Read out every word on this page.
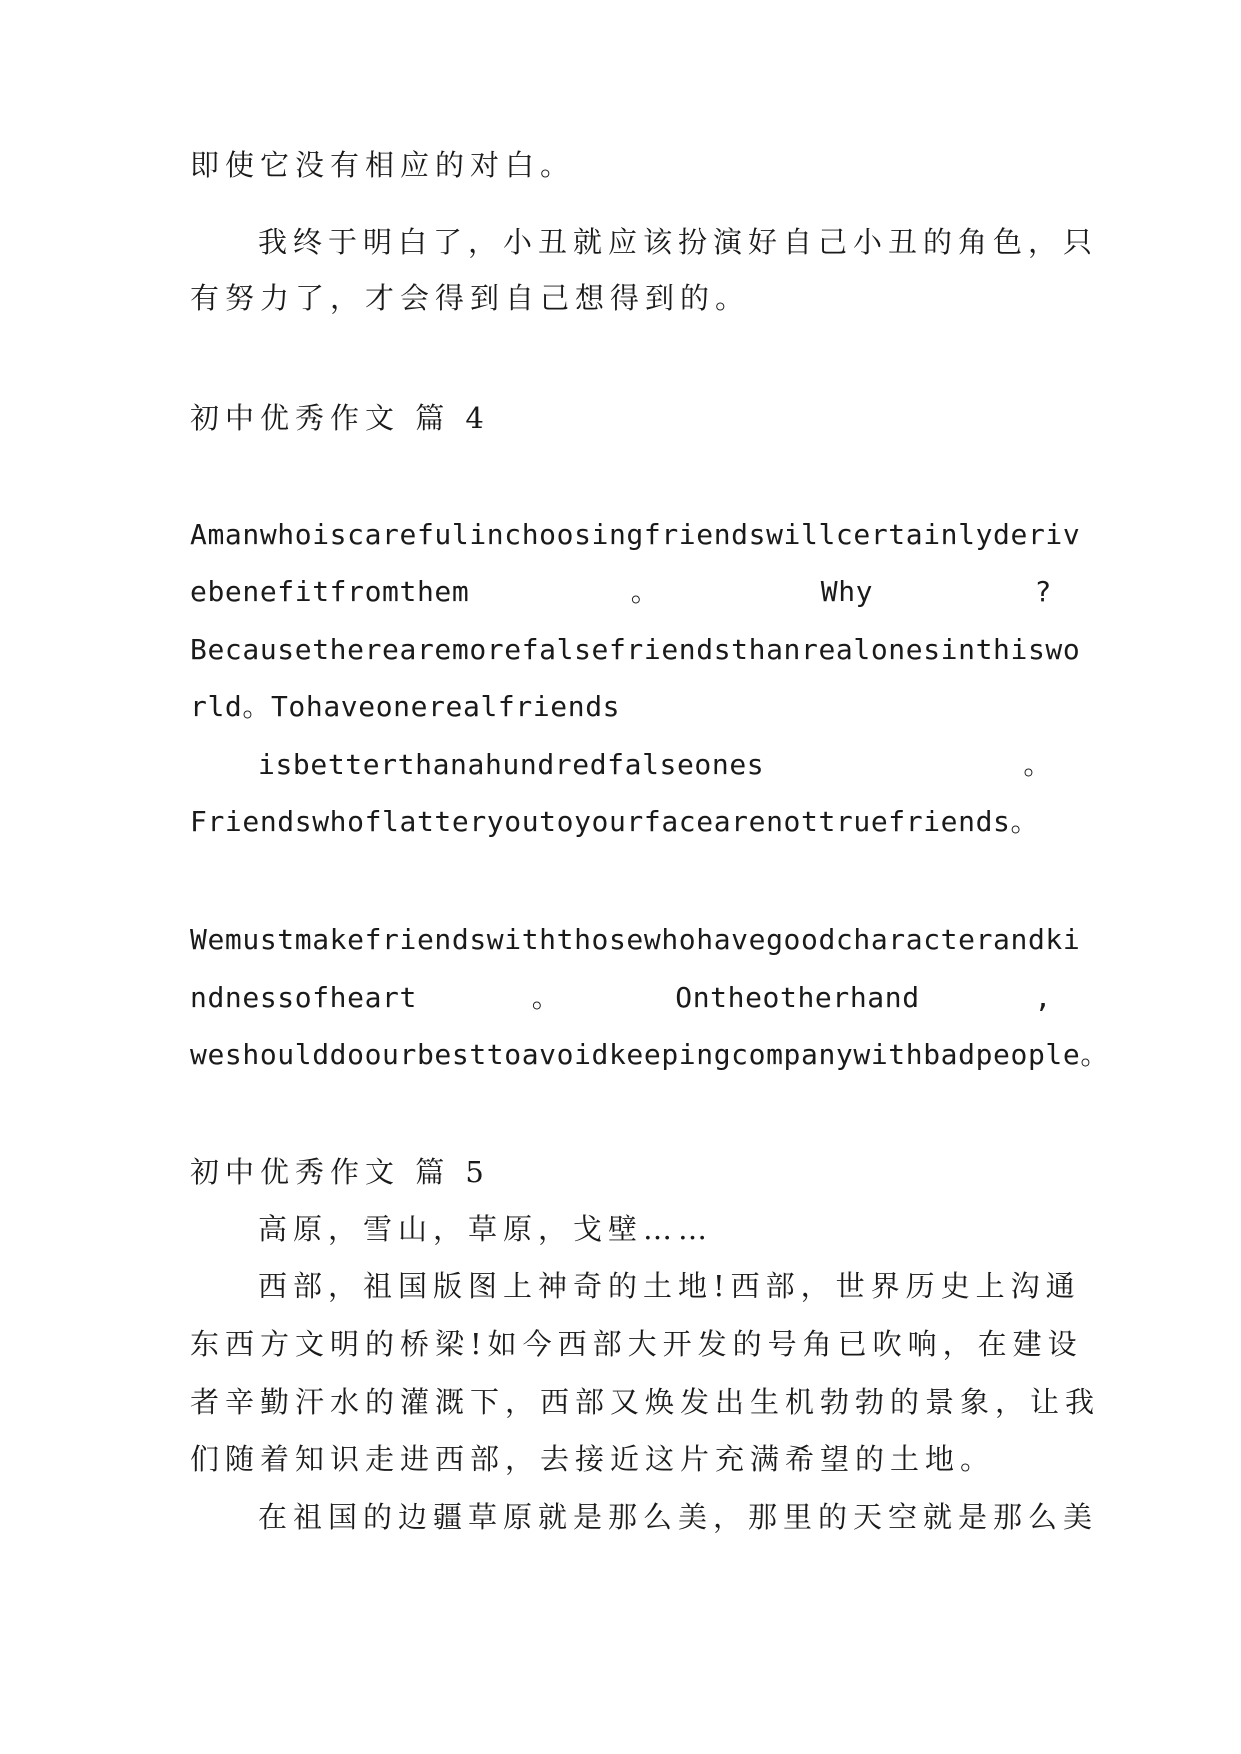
即使它没有相应的对白。
我终于明白了，小丑就应该扮演好自己小丑的角色，只
有努力了，才会得到自己想得到的。
初中优秀作文 篇 4
Amanwhoiscarefulinchoosingfriendswillcertainlyderiv
ebenefitfromthem	。	Why	?
Becausetherearemorefalsefriendsthanrealonesinthiswo
rld。Tohaveonerealfriends
isbetterthanahundredfalseones	。
Friendswhoflatteryoutoyourfacearenottruefriends。
Wemustmakefriendswiththosewhohavegoodcharacterandki
ndnessofheart	。	Ontheotherhand	,
weshoulddoourbesttoavoidkeepingcompanywithbadpeople。
初中优秀作文 篇 5
高原，雪山，草原，戈壁……
西部，祖国版图上神奇的土地!西部，世界历史上沟通
东西方文明的桥梁!如今西部大开发的号角已吹响，在建设
者辛勤汗水的灌溉下，西部又焕发出生机勃勃的景象，让我
们随着知识走进西部，去接近这片充满希望的土地。
在祖国的边疆草原就是那么美，那里的天空就是那么美
